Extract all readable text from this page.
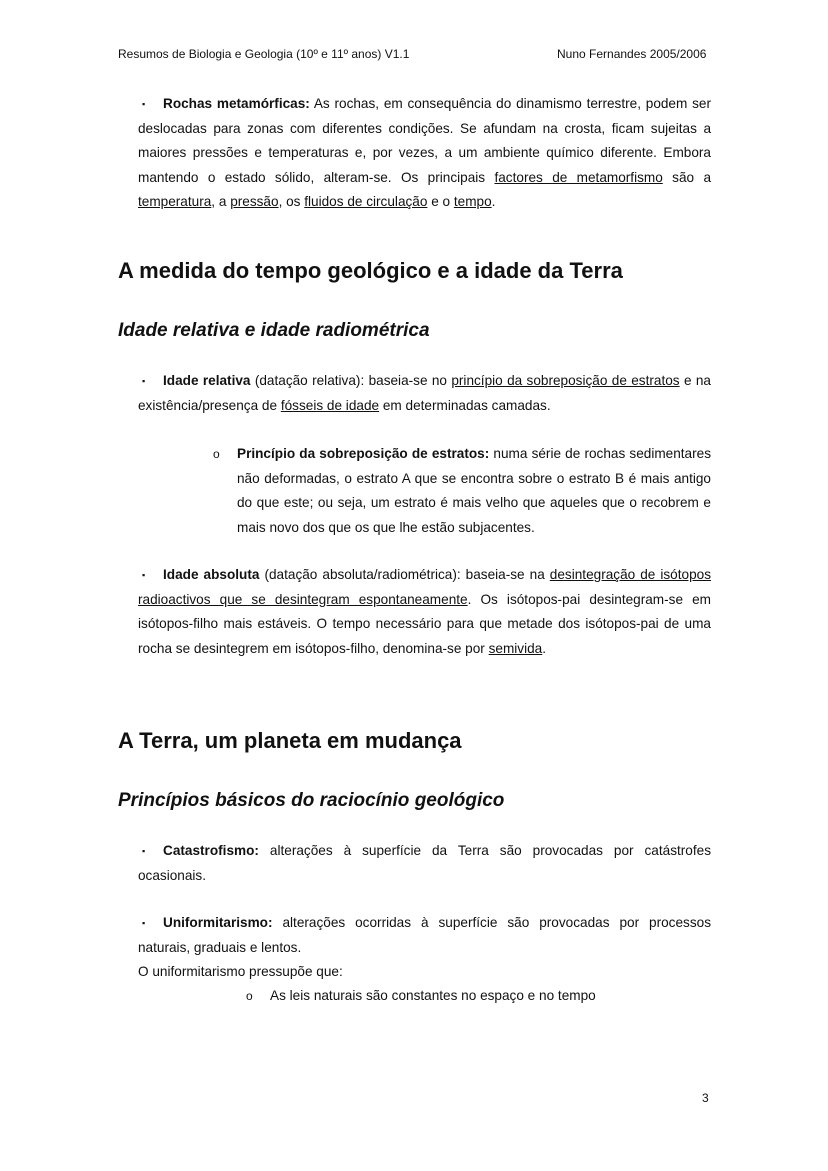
Resumos de Biologia e Geologia (10º e 11º anos) V1.1	Nuno Fernandes 2005/2006
▪ Rochas metamórficas: As rochas, em consequência do dinamismo terrestre, podem ser deslocadas para zonas com diferentes condições. Se afundam na crosta, ficam sujeitas a maiores pressões e temperaturas e, por vezes, a um ambiente químico diferente. Embora mantendo o estado sólido, alteram-se. Os principais factores de metamorfismo são a temperatura, a pressão, os fluidos de circulação e o tempo.
A medida do tempo geológico e a idade da Terra
Idade relativa e idade radiométrica
▪ Idade relativa (datação relativa): baseia-se no princípio da sobreposição de estratos e na existência/presença de fósseis de idade em determinadas camadas.
o Princípio da sobreposição de estratos: numa série de rochas sedimentares não deformadas, o estrato A que se encontra sobre o estrato B é mais antigo do que este; ou seja, um estrato é mais velho que aqueles que o recobrem e mais novo dos que os que lhe estão subjacentes.
▪ Idade absoluta (datação absoluta/radiométrica): baseia-se na desintegração de isótopos radioactivos que se desintegram espontaneamente. Os isótopos-pai desintegram-se em isótopos-filho mais estáveis. O tempo necessário para que metade dos isótopos-pai de uma rocha se desintegrem em isótopos-filho, denomina-se por semivida.
A Terra, um planeta em mudança
Princípios básicos do raciocínio geológico
▪ Catastrofismo: alterações à superfície da Terra são provocadas por catástrofes ocasionais.
▪ Uniformitarismo: alterações ocorridas à superfície são provocadas por processos naturais, graduais e lentos.
O uniformitarismo pressupõe que:
o As leis naturais são constantes no espaço e no tempo
3
